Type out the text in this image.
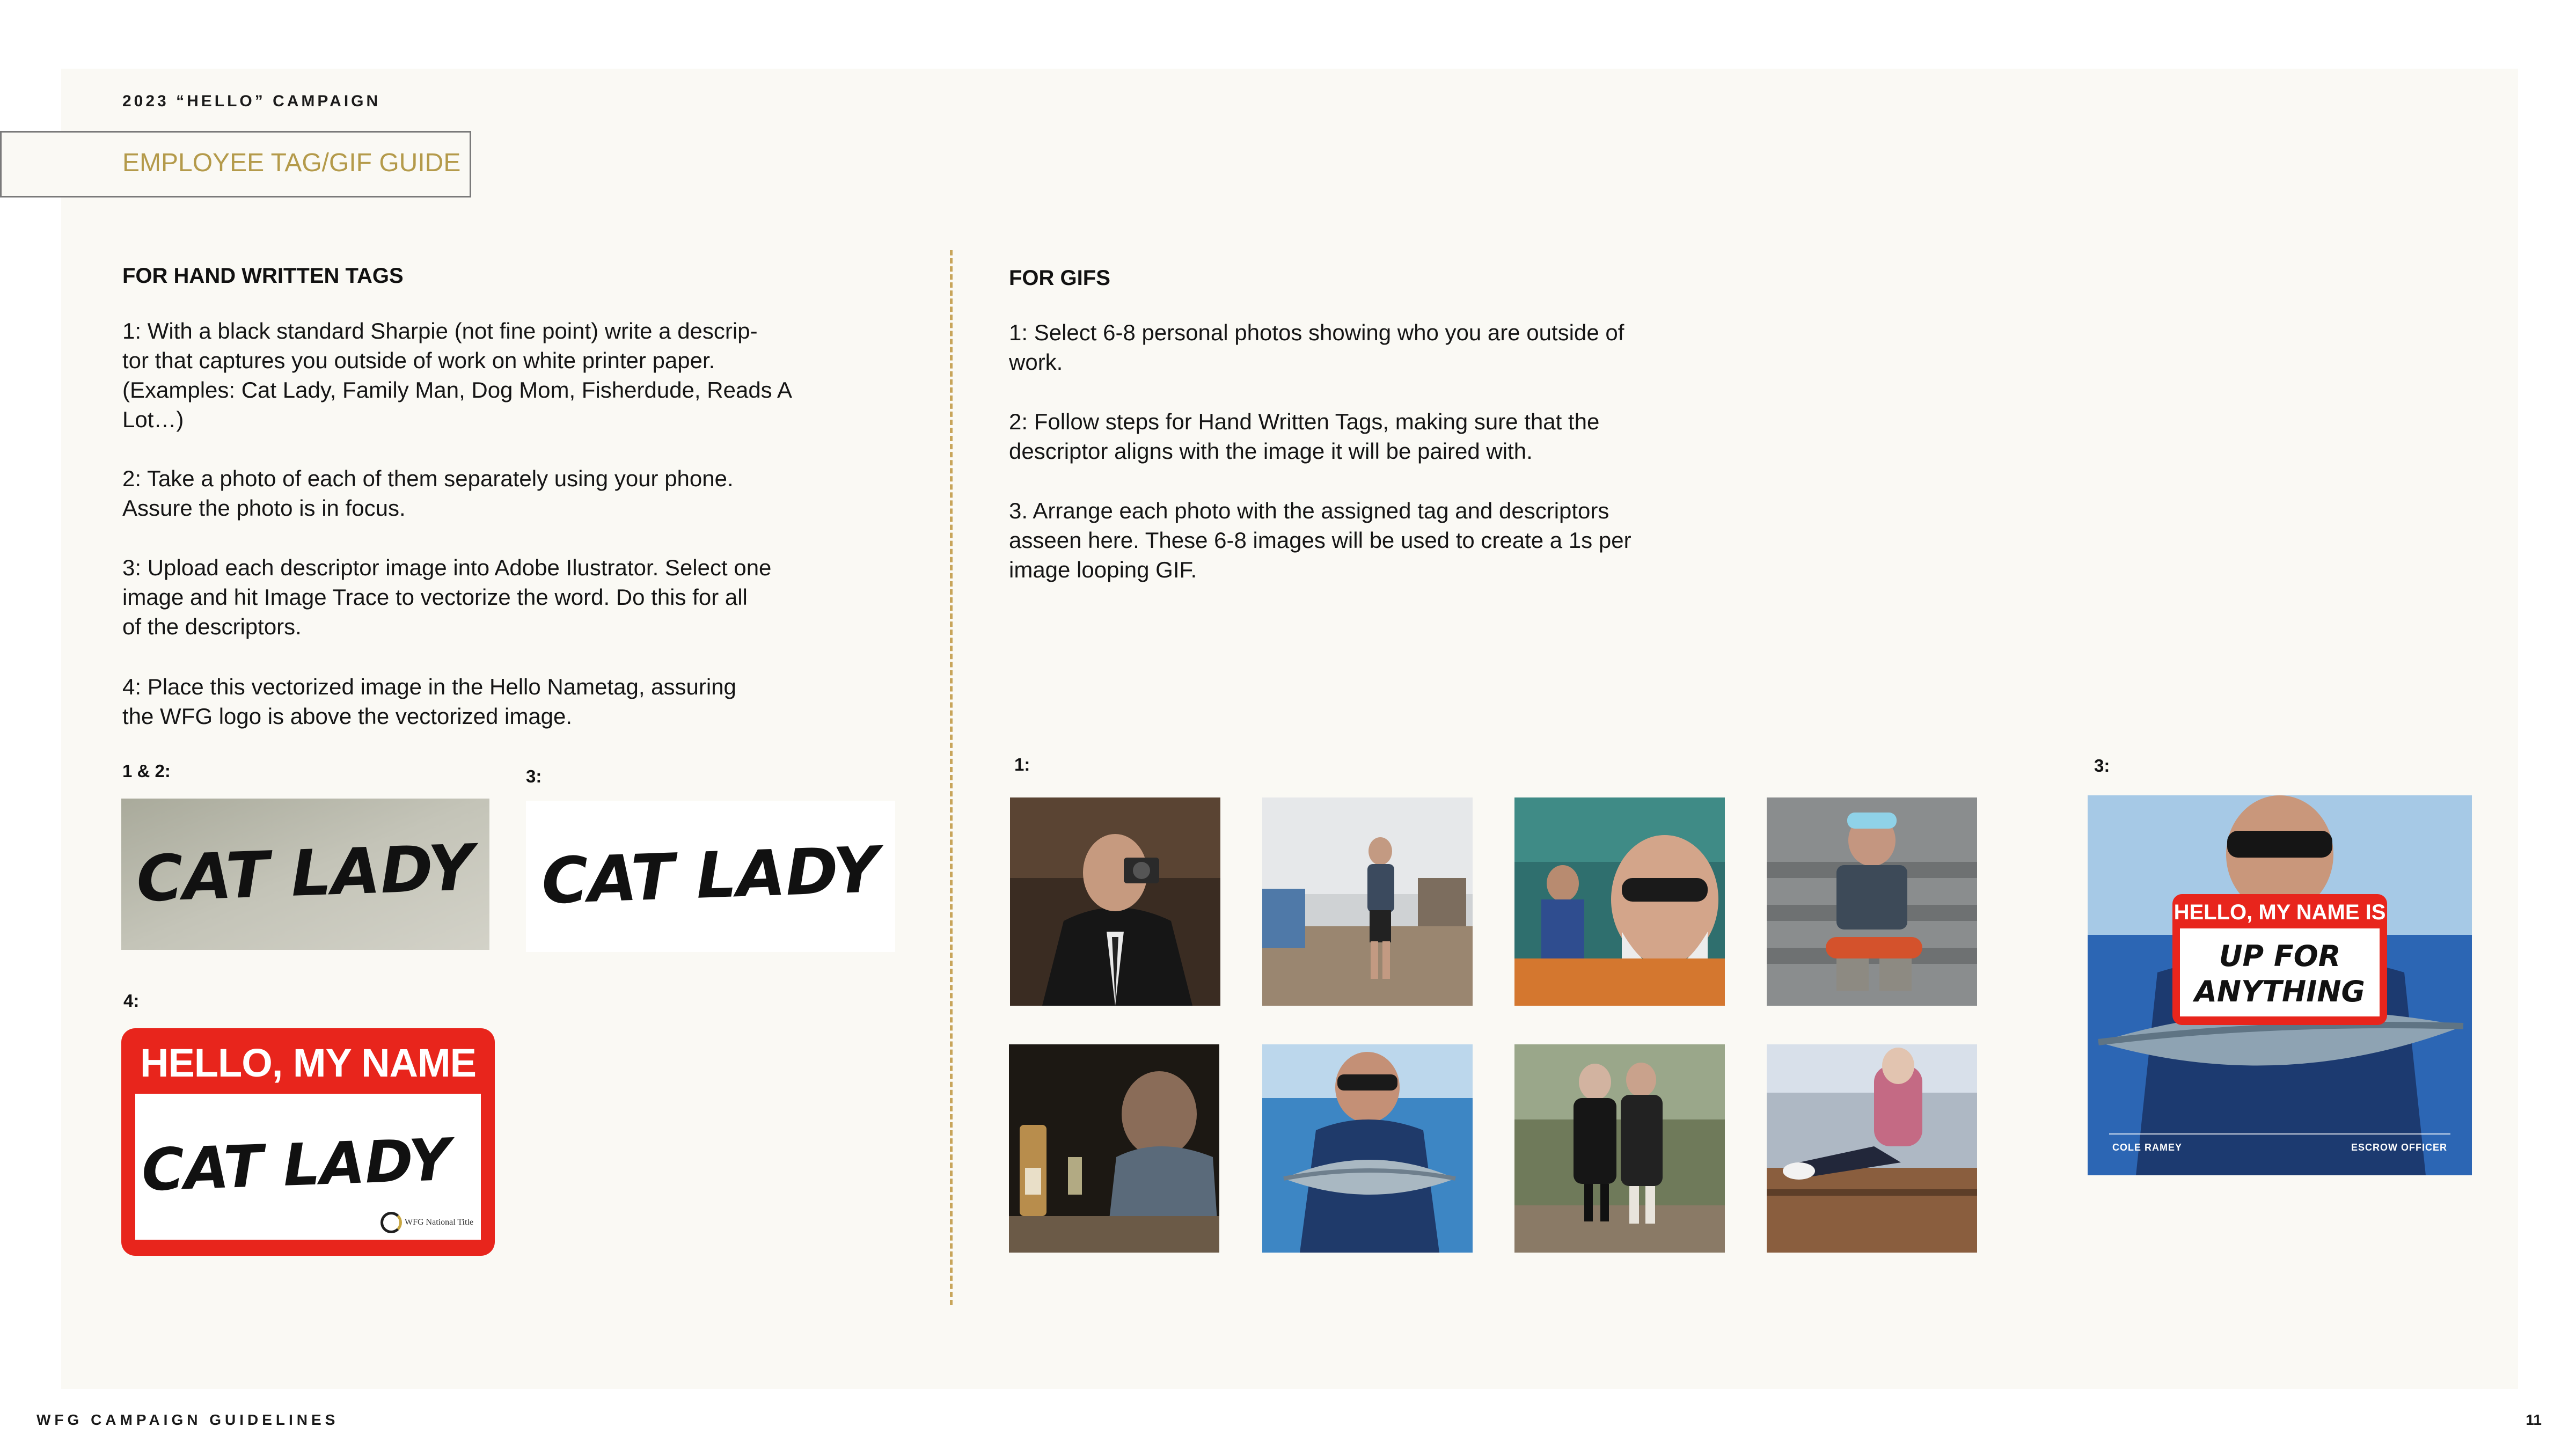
2023 “HELLO” CAMPAIGN
EMPLOYEE TAG/GIF GUIDE
FOR HAND WRITTEN TAGS
1: With a black standard Sharpie (not fine point) write a descrip-
tor that captures you outside of work on white printer paper.
(Examples: Cat Lady, Family Man, Dog Mom, Fisherdude, Reads A
Lot…)
2: Take a photo of each of them separately using your phone.
Assure the photo is in focus.
3: Upload each descriptor image into Adobe Ilustrator. Select one
image and hit Image Trace to vectorize the word. Do this for all
of the descriptors.
4: Place this vectorized image in the Hello Nametag, assuring
the WFG logo is above the vectorized image.
1 & 2:	3:
CAT LADY CAT LADY
4:
HELLO, MY NAME
CAT LADY
WFG National Title
FOR GIFS
1: Select 6-8 personal photos showing who you are outside of
work.
2: Follow steps for Hand Written Tags, making sure that the
descriptor aligns with the image it will be paired with.
3. Arrange each photo with the assigned tag and descriptors
asseen here. These 6-8 images will be used to create a 1s per
image looping GIF.
1:	3:
HELLO, MY NAME IS
UP FOR
ANYTHING
COLE RAMEY	ESCROW OFFICER
WFG CAMPAIGN GUIDELINES	11
